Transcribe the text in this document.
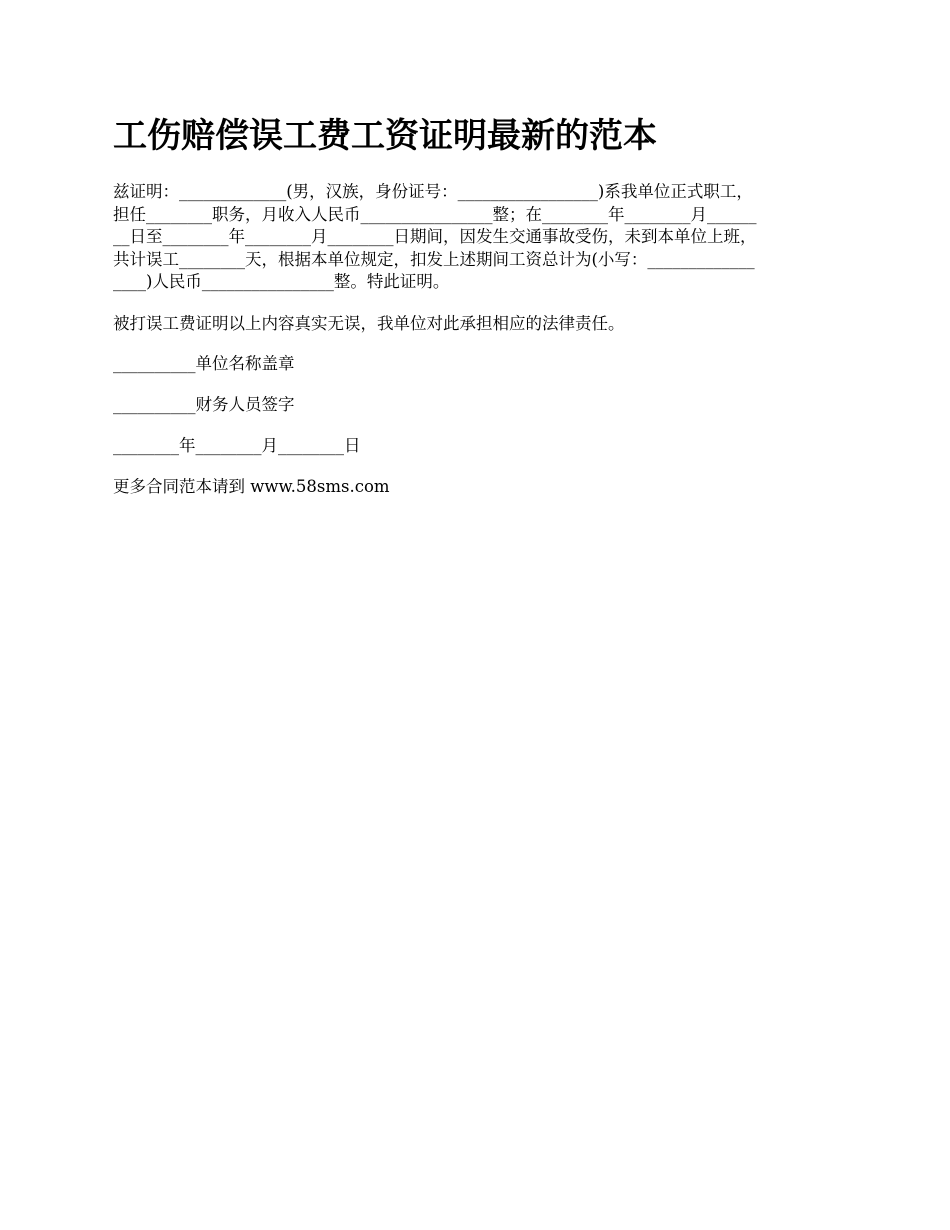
工伤赔偿误工费工资证明最新的范本

兹证明：_____________(男，汉族，身份证号：_________________)系我单位正式职工，
担任________职务，月收入人民币________________整；在________年________月______
__日至________年________月________日期间，因发生交通事故受伤，未到本单位上班，
共计误工________天，根据本单位规定，扣发上述期间工资总计为(小写：_____________
____)人民币________________整。特此证明。

被打误工费证明以上内容真实无误，我单位对此承担相应的法律责任。

__________单位名称盖章

__________财务人员签字

________年________月________日

更多合同范本请到 www.58sms.com
